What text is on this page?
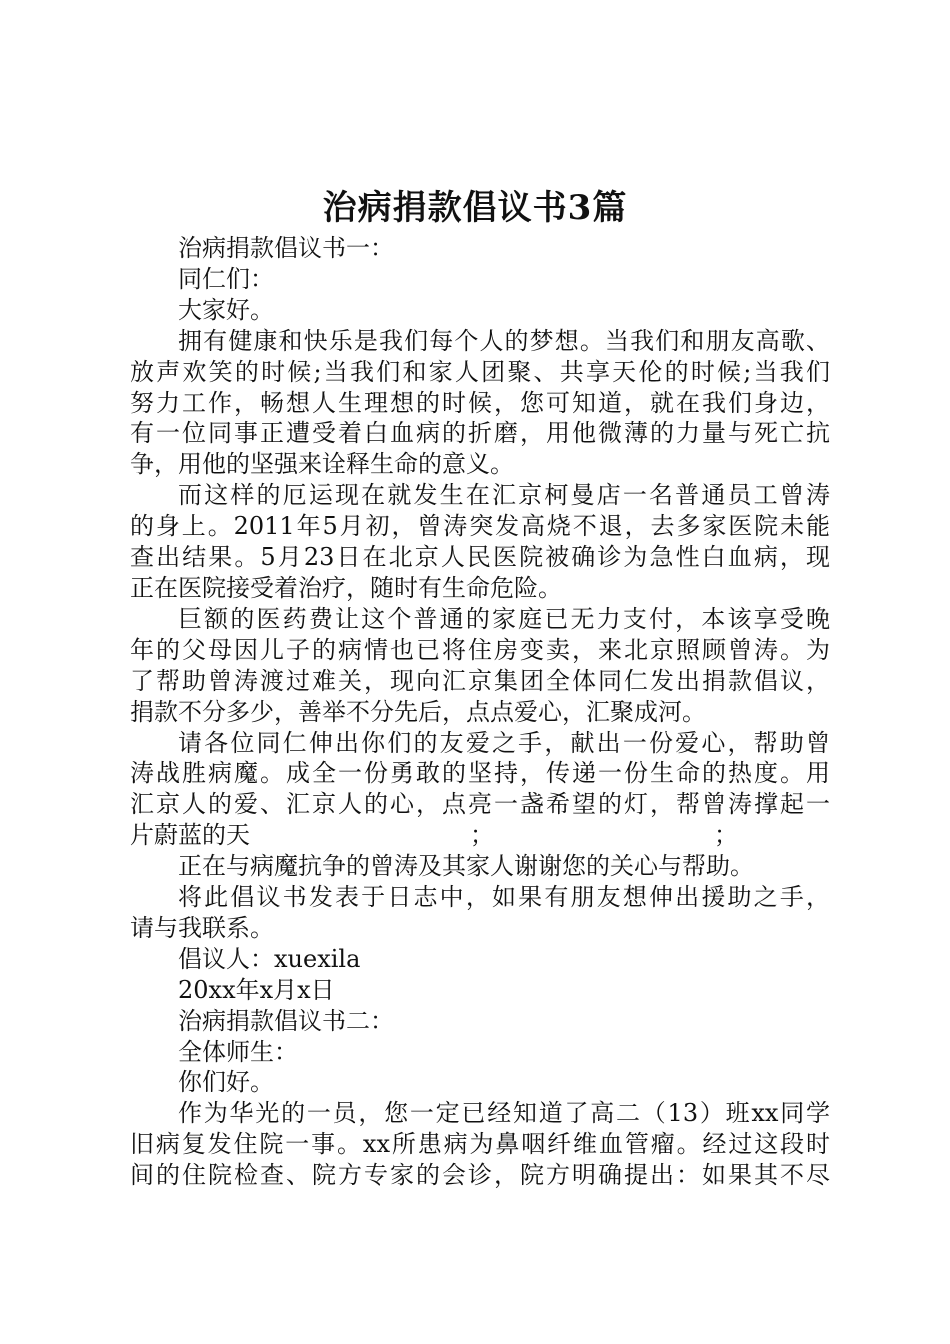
治病捐款倡议书3篇
治病捐款倡议书一：
同仁们：
大家好。
拥有健康和快乐是我们每个人的梦想。当我们和朋友高歌、
放声欢笑的时候;当我们和家人团聚、共享天伦的时候;当我们
努力工作，畅想人生理想的时候，您可知道，就在我们身边，
有一位同事正遭受着白血病的折磨，用他微薄的力量与死亡抗
争，用他的坚强来诠释生命的意义。
而这样的厄运现在就发生在汇京柯曼店一名普通员工曾涛
的身上。2011年5月初，曾涛突发高烧不退，去多家医院未能
查出结果。5月23日在北京人民医院被确诊为急性白血病，现
正在医院接受着治疗，随时有生命危险。
巨额的医药费让这个普通的家庭已无力支付，本该享受晚
年的父母因儿子的病情也已将住房变卖，来北京照顾曾涛。为
了帮助曾涛渡过难关，现向汇京集团全体同仁发出捐款倡议，
捐款不分多少，善举不分先后，点点爱心，汇聚成河。
请各位同仁伸出你们的友爱之手，献出一份爱心，帮助曾
涛战胜病魔。成全一份勇敢的坚持，传递一份生命的热度。用
汇京人的爱、汇京人的心，点亮一盏希望的灯，帮曾涛撑起一
片蔚蓝的天	；	；
正在与病魔抗争的曾涛及其家人谢谢您的关心与帮助。
将此倡议书发表于日志中，如果有朋友想伸出援助之手，
请与我联系。
倡议人：xuexila
20xx年x月x日
治病捐款倡议书二：
全体师生：
你们好。
作为华光的一员，您一定已经知道了高二（13）班xx同学
旧病复发住院一事。xx所患病为鼻咽纤维血管瘤。经过这段时
间的住院检查、院方专家的会诊，院方明确提出：如果其不尽
